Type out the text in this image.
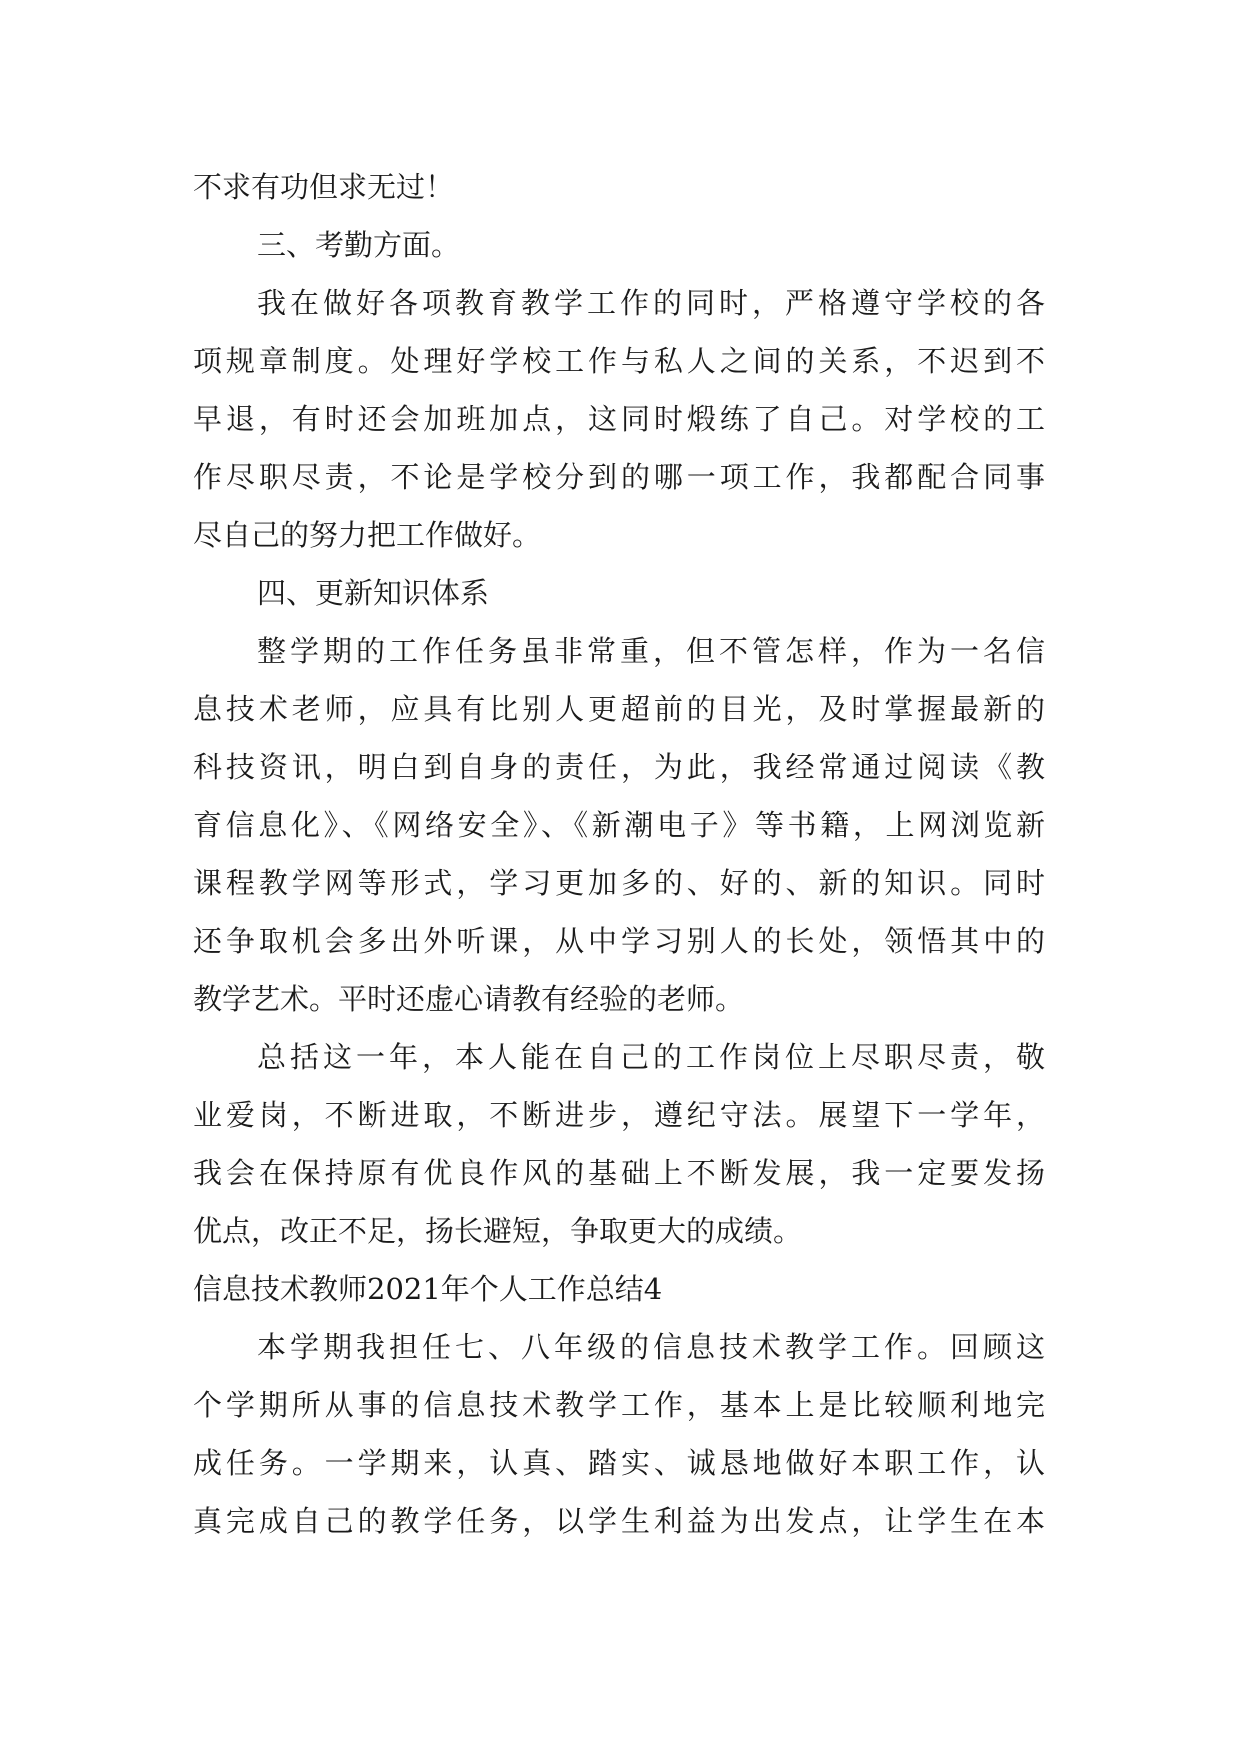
不求有功但求无过！
三、考勤方面。
我在做好各项教育教学工作的同时，严格遵守学校的各
项规章制度。处理好学校工作与私人之间的关系，不迟到不
早退，有时还会加班加点，这同时煅练了自己。对学校的工
作尽职尽责，不论是学校分到的哪一项工作，我都配合同事
尽自己的努力把工作做好。
四、更新知识体系
整学期的工作任务虽非常重，但不管怎样，作为一名信
息技术老师，应具有比别人更超前的目光，及时掌握最新的
科技资讯，明白到自身的责任，为此，我经常通过阅读《教
育信息化》、《网络安全》、《新潮电子》等书籍，上网浏览新
课程教学网等形式，学习更加多的、好的、新的知识。同时
还争取机会多出外听课，从中学习别人的长处，领悟其中的
教学艺术。平时还虚心请教有经验的老师。
总括这一年，本人能在自己的工作岗位上尽职尽责，敬
业爱岗，不断进取，不断进步，遵纪守法。展望下一学年，
我会在保持原有优良作风的基础上不断发展，我一定要发扬
优点，改正不足，扬长避短，争取更大的成绩。
信息技术教师2021年个人工作总结4
本学期我担任七、八年级的信息技术教学工作。回顾这
个学期所从事的信息技术教学工作，基本上是比较顺利地完
成任务。一学期来，认真、踏实、诚恳地做好本职工作，认
真完成自己的教学任务，以学生利益为出发点，让学生在本
